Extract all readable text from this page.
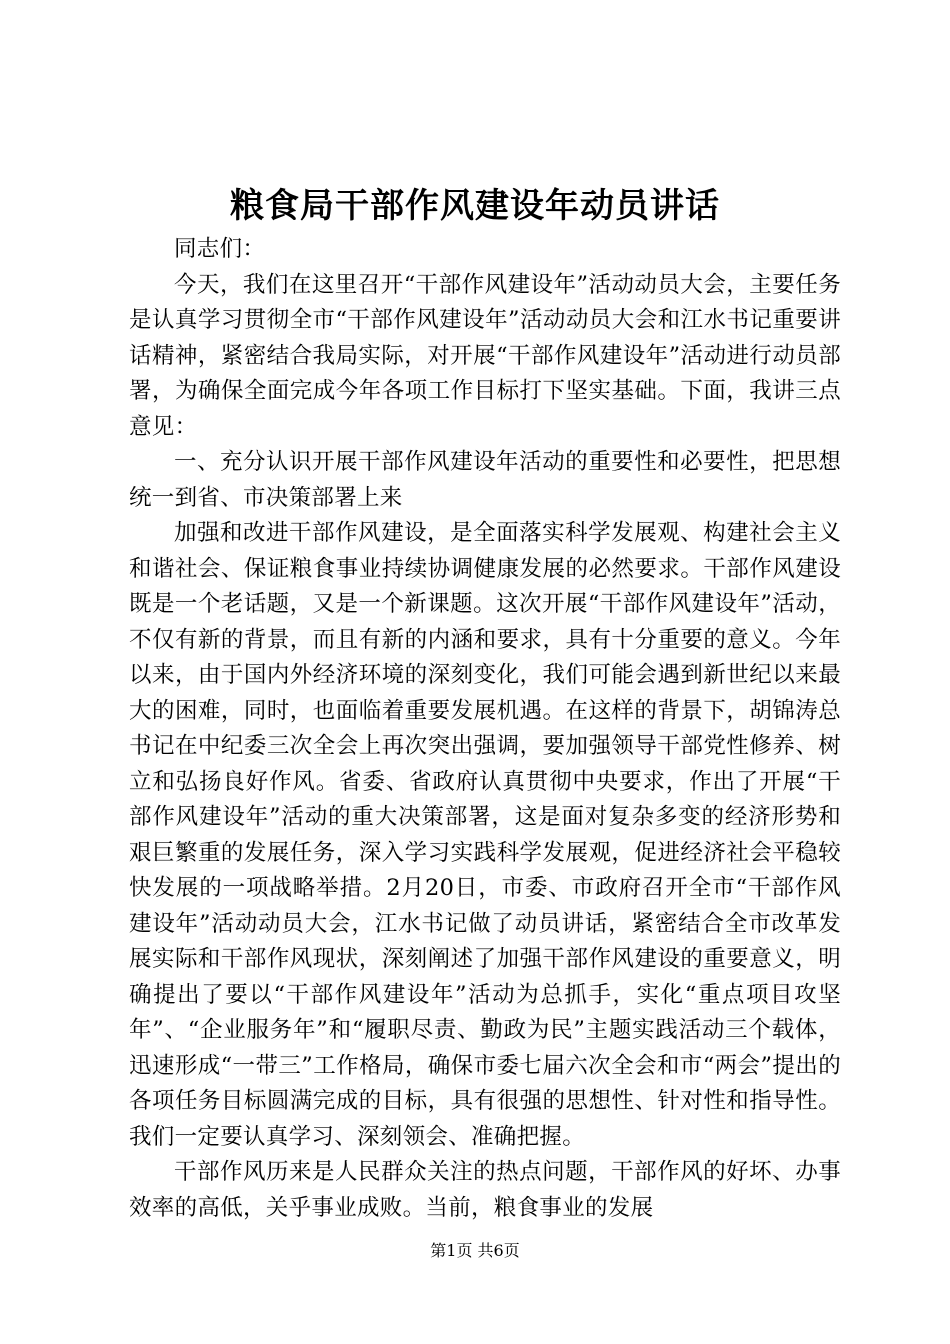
粮食局干部作风建设年动员讲话

同志们：

今天，我们在这里召开“干部作风建设年”活动动员大会，主要任务是认真学习贯彻全市“干部作风建设年”活动动员大会和江水书记重要讲话精神，紧密结合我局实际，对开展“干部作风建设年”活动进行动员部署，为确保全面完成今年各项工作目标打下坚实基础。下面，我讲三点意见：

一、充分认识开展干部作风建设年活动的重要性和必要性，把思想统一到省、市决策部署上来

加强和改进干部作风建设，是全面落实科学发展观、构建社会主义和谐社会、保证粮食事业持续协调健康发展的必然要求。干部作风建设既是一个老话题，又是一个新课题。这次开展“干部作风建设年”活动，不仅有新的背景，而且有新的内涵和要求，具有十分重要的意义。今年以来，由于国内外经济环境的深刻变化，我们可能会遇到新世纪以来最大的困难，同时，也面临着重要发展机遇。在这样的背景下，胡锦涛总书记在中纪委三次全会上再次突出强调，要加强领导干部党性修养、树立和弘扬良好作风。省委、省政府认真贯彻中央要求，作出了开展“干部作风建设年”活动的重大决策部署，这是面对复杂多变的经济形势和艰巨繁重的发展任务，深入学习实践科学发展观，促进经济社会平稳较快发展的一项战略举措。2月20日，市委、市政府召开全市“干部作风建设年”活动动员大会，江水书记做了动员讲话，紧密结合全市改革发展实际和干部作风现状，深刻阐述了加强干部作风建设的重要意义，明确提出了要以“干部作风建设年”活动为总抓手，实化“重点项目攻坚年”、“企业服务年”和“履职尽责、勤政为民”主题实践活动三个载体，迅速形成“一带三”工作格局，确保市委七届六次全会和市“两会”提出的各项任务目标圆满完成的目标，具有很强的思想性、针对性和指导性。我们一定要认真学习、深刻领会、准确把握。

干部作风历来是人民群众关注的热点问题，干部作风的好坏、办事效率的高低，关乎事业成败。当前，粮食事业的发展

第1页 共6页
